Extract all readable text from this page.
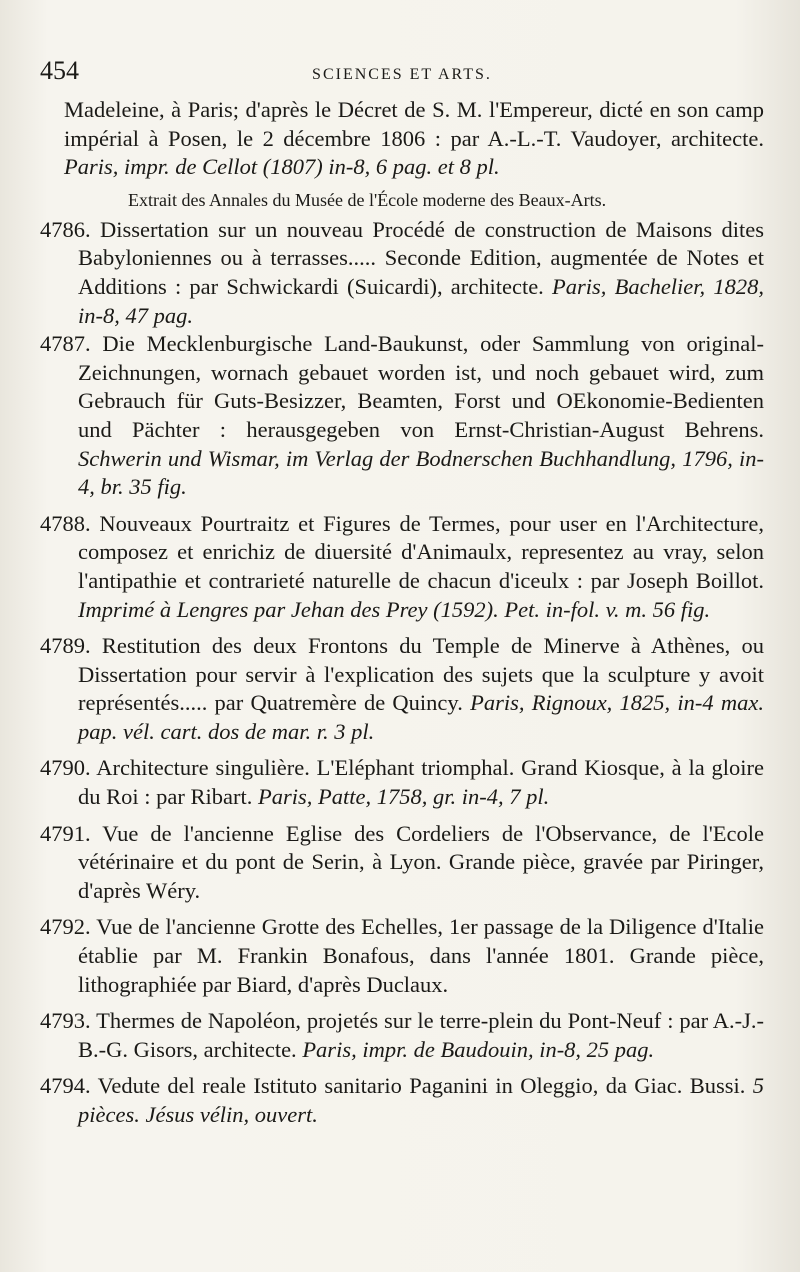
454	SCIENCES ET ARTS.

Madeleine, à Paris; d'après le Décret de S. M. l'Empereur, dicté en son camp impérial à Posen, le 2 décembre 1806 : par A.-L.-T. Vaudoyer, architecte. Paris, impr. de Cellot (1807) in-8, 6 pag. et 8 pl.

Extrait des Annales du Musée de l'École moderne des Beaux-Arts.

4786. Dissertation sur un nouveau Procédé de construction de Maisons dites Babyloniennes ou à terrasses..... Seconde Edition, augmentée de Notes et Additions : par Schwickardi (Suicardi), architecte. Paris, Bachelier, 1828, in-8, 47 pag.

4787. Die Mecklenburgische Land-Baukunst, oder Sammlung von original-Zeichnungen, wornach gebauet worden ist, und noch gebauet wird, zum Gebrauch für Guts-Besizzer, Beamten, Forst und OEkonomie-Bedienten und Pächter : herausgegeben von Ernst-Christian-August Behrens. Schwerin und Wismar, im Verlag der Bodnerschen Buchhandlung, 1796, in-4, br. 35 fig.

4788. Nouveaux Pourtraitz et Figures de Termes, pour user en l'Architecture, composez et enrichiz de diuersité d'Animaulx, representez au vray, selon l'antipathie et contrarieté naturelle de chacun d'iceulx : par Joseph Boillot. Imprimé à Lengres par Jehan des Prey (1592). Pet. in-fol. v. m. 56 fig.

4789. Restitution des deux Frontons du Temple de Minerve à Athènes, ou Dissertation pour servir à l'explication des sujets que la sculpture y avoit représentés..... par Quatremère de Quincy. Paris, Rignoux, 1825, in-4 max. pap. vél. cart. dos de mar. r. 3 pl.

4790. Architecture singulière. L'Eléphant triomphal. Grand Kiosque, à la gloire du Roi : par Ribart. Paris, Patte, 1758, gr. in-4, 7 pl.

4791. Vue de l'ancienne Eglise des Cordeliers de l'Observance, de l'Ecole vétérinaire et du pont de Serin, à Lyon. Grande pièce, gravée par Piringer, d'après Wéry.

4792. Vue de l'ancienne Grotte des Echelles, 1er passage de la Diligence d'Italie établie par M. Frankin Bonafous, dans l'année 1801. Grande pièce, lithographiée par Biard, d'après Duclaux.

4793. Thermes de Napoléon, projetés sur le terre-plein du Pont-Neuf : par A.-J.-B.-G. Gisors, architecte. Paris, impr. de Baudouin, in-8, 25 pag.

4794. Vedute del reale Istituto sanitario Paganini in Oleggio, da Giac. Bussi. 5 pièces. Jésus vélin, ouvert.
